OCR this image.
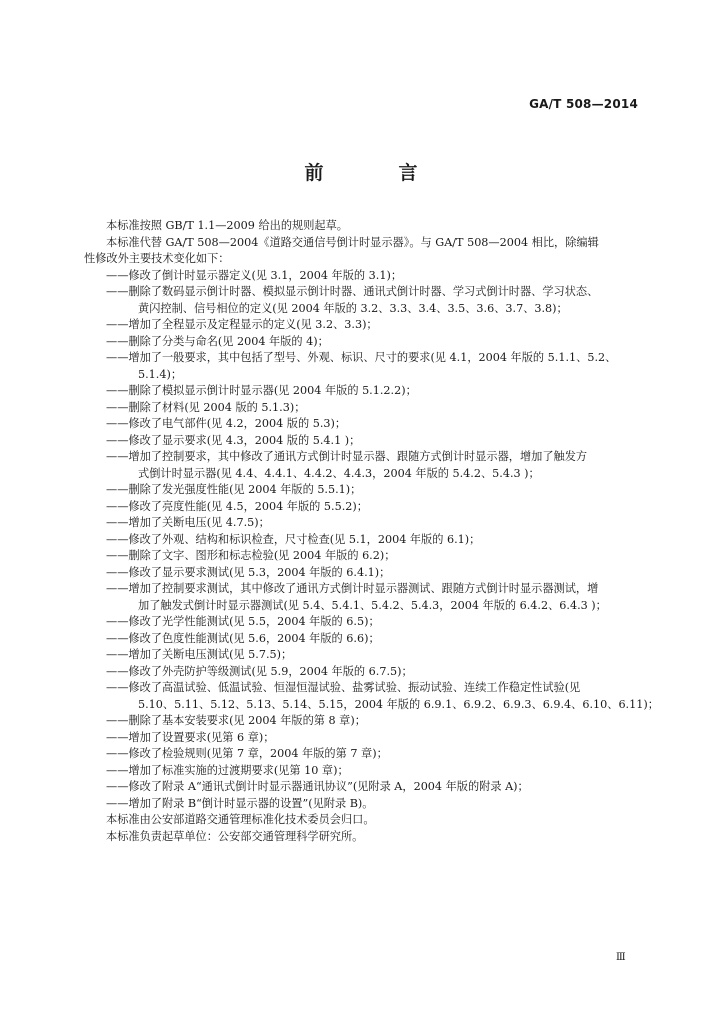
GA/T 508—2014
前　言
本标准按照 GB/T 1.1—2009 给出的规则起草。
本标准代替 GA/T 508—2004《道路交通信号倒计时显示器》。与 GA/T 508—2004 相比，除编辑
性修改外主要技术变化如下：
——修改了倒计时显示器定义(见 3.1，2004 年版的 3.1)；
——删除了数码显示倒计时器、模拟显示倒计时器、通讯式倒计时器、学习式倒计时器、学习状态、
黄闪控制、信号相位的定义(见 2004 年版的 3.2、3.3、3.4、3.5、3.6、3.7、3.8)；
——增加了全程显示及定程显示的定义(见 3.2、3.3)；
——删除了分类与命名(见 2004 年版的 4)；
——增加了一般要求，其中包括了型号、外观、标识、尺寸的要求(见 4.1，2004 年版的 5.1.1、5.2、
5.1.4)；
——删除了模拟显示倒计时显示器(见 2004 年版的 5.1.2.2)；
——删除了材料(见 2004 版的 5.1.3)；
——修改了电气部件(见 4.2，2004 版的 5.3)；
——修改了显示要求(见 4.3，2004 版的 5.4.1 )；
——增加了控制要求，其中修改了通讯方式倒计时显示器、跟随方式倒计时显示器，增加了触发方
式倒计时显示器(见 4.4、4.4.1、4.4.2、4.4.3，2004 年版的 5.4.2、5.4.3 )；
——删除了发光强度性能(见 2004 年版的 5.5.1)；
——修改了亮度性能(见 4.5，2004 年版的 5.5.2)；
——增加了关断电压(见 4.7.5)；
——修改了外观、结构和标识检查，尺寸检查(见 5.1，2004 年版的 6.1)；
——删除了文字、图形和标志检验(见 2004 年版的 6.2)；
——修改了显示要求测试(见 5.3，2004 年版的 6.4.1)；
——增加了控制要求测试，其中修改了通讯方式倒计时显示器测试、跟随方式倒计时显示器测试，增
加了触发式倒计时显示器测试(见 5.4、5.4.1、5.4.2、5.4.3，2004 年版的 6.4.2、6.4.3 )；
——修改了光学性能测试(见 5.5，2004 年版的 6.5)；
——修改了色度性能测试(见 5.6，2004 年版的 6.6)；
——增加了关断电压测试(见 5.7.5)；
——修改了外壳防护等级测试(见 5.9，2004 年版的 6.7.5)；
——修改了高温试验、低温试验、恒湿恒湿试验、盐雾试验、振动试验、连续工作稳定性试验(见
5.10、5.11、5.12、5.13、5.14、5.15，2004 年版的 6.9.1、6.9.2、6.9.3、6.9.4、6.10、6.11)；
——删除了基本安装要求(见 2004 年版的第 8 章)；
——增加了设置要求(见第 6 章)；
——修改了检验规则(见第 7 章，2004 年版的第 7 章)；
——增加了标准实施的过渡期要求(见第 10 章)；
——修改了附录 A“通讯式倒计时显示器通讯协议”(见附录 A，2004 年版的附录 A)；
——增加了附录 B“倒计时显示器的设置”(见附录 B)。
本标准由公安部道路交通管理标准化技术委员会归口。
本标准负责起草单位：公安部交通管理科学研究所。
Ⅲ
